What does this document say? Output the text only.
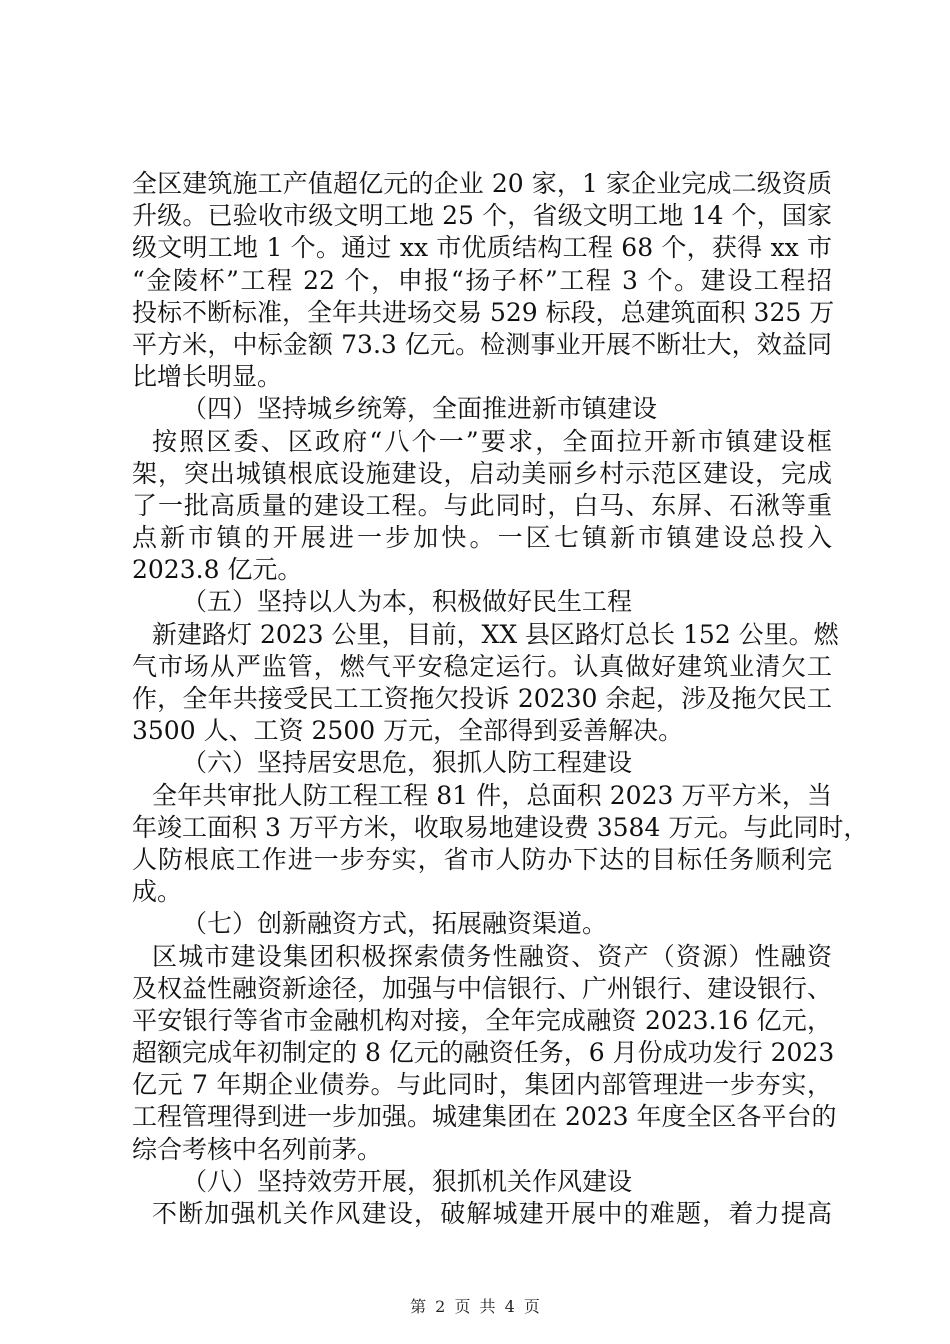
全区建筑施工产值超亿元的企业 20 家，1 家企业完成二级资质
升级。已验收市级文明工地 25 个，省级文明工地 14 个，国家
级文明工地 1 个。通过 xx 市优质结构工程 68 个，获得 xx 市
“金陵杯”工程 22 个，申报“扬子杯”工程 3 个。建设工程招
投标不断标准，全年共进场交易 529 标段，总建筑面积 325 万
平方米，中标金额 73.3 亿元。检测事业开展不断壮大，效益同
比增长明显。
（四）坚持城乡统筹，全面推进新市镇建设
按照区委、区政府“八个一”要求，全面拉开新市镇建设框
架，突出城镇根底设施建设，启动美丽乡村示范区建设，完成
了一批高质量的建设工程。与此同时，白马、东屏、石湫等重
点新市镇的开展进一步加快。一区七镇新市镇建设总投入
2023.8 亿元。
（五）坚持以人为本，积极做好民生工程
新建路灯 2023 公里，目前，XX 县区路灯总长 152 公里。燃
气市场从严监管，燃气平安稳定运行。认真做好建筑业清欠工
作，全年共接受民工工资拖欠投诉 20230 余起，涉及拖欠民工
3500 人、工资 2500 万元，全部得到妥善解决。
（六）坚持居安思危，狠抓人防工程建设
全年共审批人防工程工程 81 件，总面积 2023 万平方米，当
年竣工面积 3 万平方米，收取易地建设费 3584 万元。与此同时，
人防根底工作进一步夯实，省市人防办下达的目标任务顺利完
成。
（七）创新融资方式，拓展融资渠道。
区城市建设集团积极探索债务性融资、资产（资源）性融资
及权益性融资新途径，加强与中信银行、广州银行、建设银行、
平安银行等省市金融机构对接，全年完成融资 2023.16 亿元，
超额完成年初制定的 8 亿元的融资任务，6 月份成功发行 2023
亿元 7 年期企业债券。与此同时，集团内部管理进一步夯实，
工程管理得到进一步加强。城建集团在 2023 年度全区各平台的
综合考核中名列前茅。
（八）坚持效劳开展，狠抓机关作风建设
不断加强机关作风建设，破解城建开展中的难题，着力提高
第 2 页 共 4 页
